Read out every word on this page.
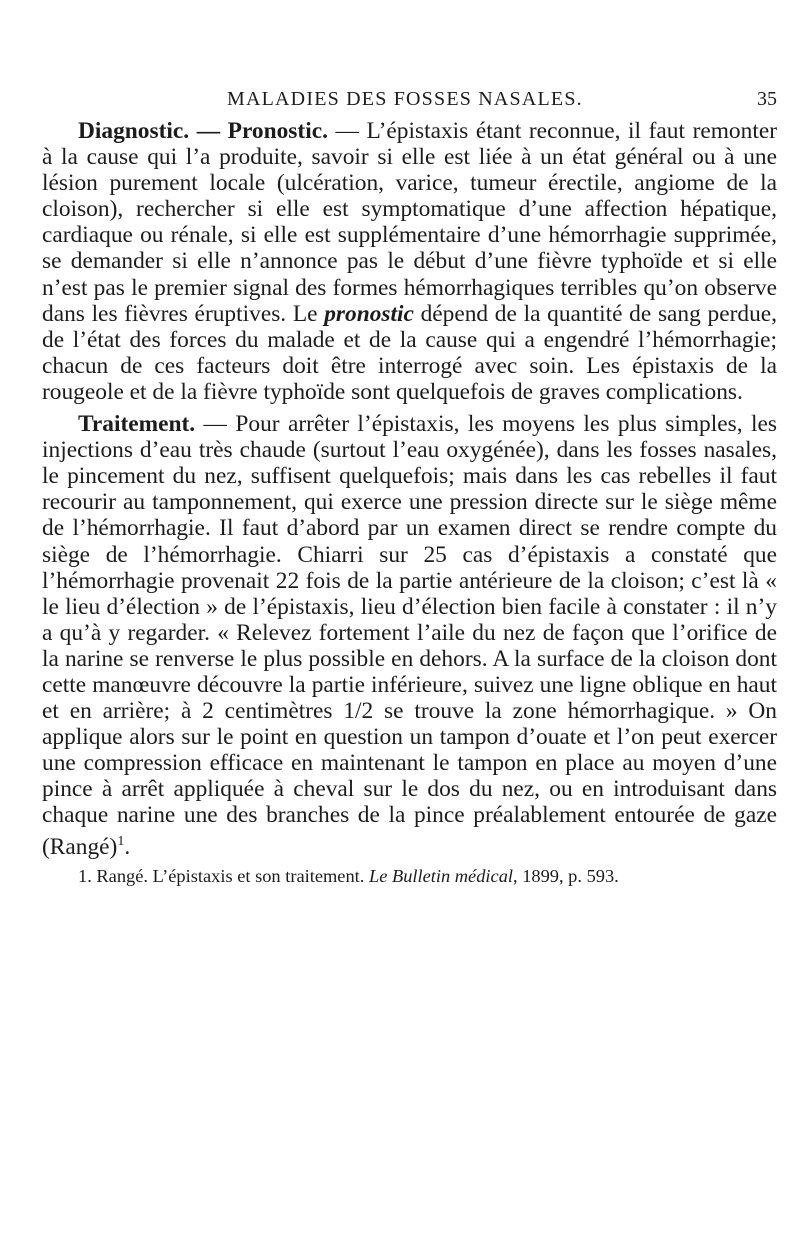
MALADIES DES FOSSES NASALES.	35

Diagnostic. — Pronostic. — L’épistaxis étant reconnue, il faut remonter à la cause qui l’a produite, savoir si elle est liée à un état général ou à une lésion purement locale (ulcération, varice, tumeur érectile, angiome de la cloison), rechercher si elle est symptomatique d’une affection hépatique, cardiaque ou rénale, si elle est supplémentaire d’une hémorrhagie supprimée, se demander si elle n’annonce pas le début d’une fièvre typhoïde et si elle n’est pas le premier signal des formes hémorrhagiques terribles qu’on observe dans les fièvres éruptives. Le pronostic dépend de la quantité de sang perdue, de l’état des forces du malade et de la cause qui a engendré l’hémorrhagie; chacun de ces facteurs doit être interrogé avec soin. Les épistaxis de la rougeole et de la fièvre typhoïde sont quelquefois de graves complications.

Traitement. — Pour arrêter l’épistaxis, les moyens les plus simples, les injections d’eau très chaude (surtout l’eau oxygénée), dans les fosses nasales, le pincement du nez, suffisent quelquefois; mais dans les cas rebelles il faut recourir au tamponnement, qui exerce une pression directe sur le siège même de l’hémorrhagie. Il faut d’abord par un examen direct se rendre compte du siège de l’hémorrhagie. Chiarri sur 25 cas d’épistaxis a constaté que l’hémorrhagie provenait 22 fois de la partie antérieure de la cloison; c’est là « le lieu d’élection » de l’épistaxis, lieu d’élection bien facile à constater : il n’y a qu’à y regarder. « Relevez fortement l’aile du nez de façon que l’orifice de la narine se renverse le plus possible en dehors. A la surface de la cloison dont cette manœuvre découvre la partie inférieure, suivez une ligne oblique en haut et en arrière; à 2 centimètres 1/2 se trouve la zone hémorrhagique. » On applique alors sur le point en question un tampon d’ouate et l’on peut exercer une compression efficace en maintenant le tampon en place au moyen d’une pince à arrêt appliquée à cheval sur le dos du nez, ou en introduisant dans chaque narine une des branches de la pince préalablement entourée de gaze (Rangé)$^1$.

1. Rangé. L’épistaxis et son traitement. Le Bulletin médical, 1899, p. 593.
